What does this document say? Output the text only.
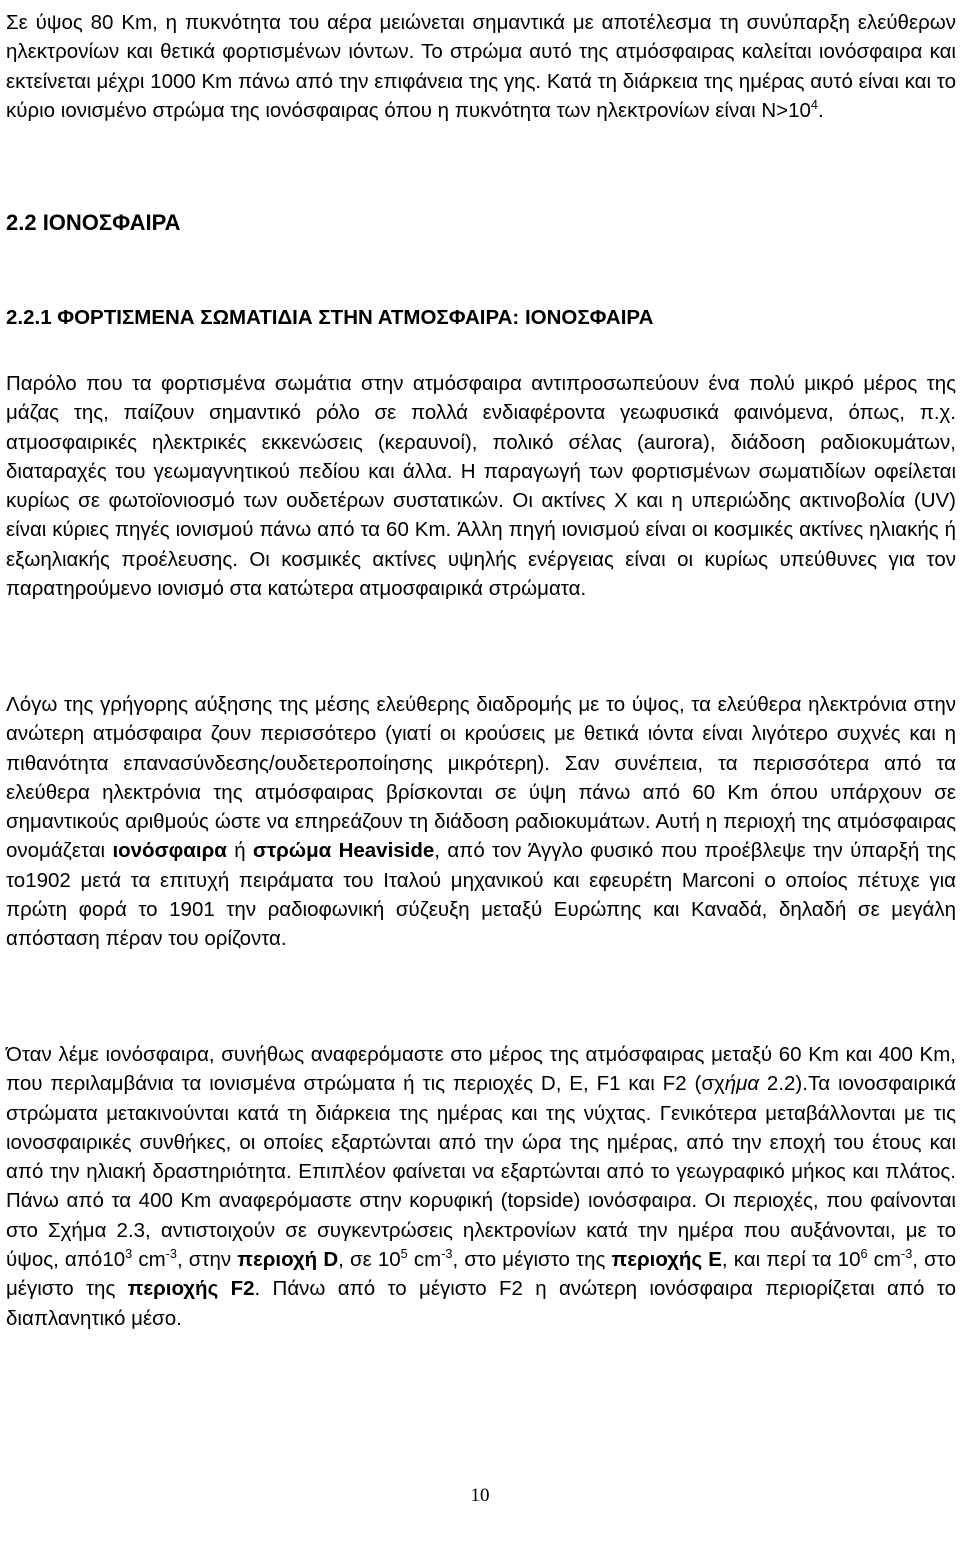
Σε ύψος 80 Km, η πυκνότητα του αέρα μειώνεται σημαντικά με αποτέλεσμα τη συνύπαρξη ελεύθερων ηλεκτρονίων και θετικά φορτισμένων ιόντων. Το στρώμα αυτό της ατμόσφαιρας καλείται ιονόσφαιρα και εκτείνεται μέχρι 1000 Km πάνω από την επιφάνεια της γης. Κατά τη διάρκεια της ημέρας αυτό είναι και το κύριο ιονισμένο στρώμα της ιονόσφαιρας όπου η πυκνότητα των ηλεκτρονίων είναι $N>10^4$.

2.2 ΙΟΝΟΣΦΑΙΡΑ
2.2.1 ΦΟΡΤΙΣΜΕΝΑ ΣΩΜΑΤΙΔΙΑ ΣΤΗΝ ΑΤΜΟΣΦΑΙΡΑ: ΙΟΝΟΣΦΑΙΡΑ

Παρόλο που τα φορτισμένα σωμάτια στην ατμόσφαιρα αντιπροσωπεύουν ένα πολύ μικρό μέρος της μάζας της, παίζουν σημαντικό ρόλο σε πολλά ενδιαφέροντα γεωφυσικά φαινόμενα, όπως, π.χ. ατμοσφαιρικές ηλεκτρικές εκκενώσεις (κεραυνοί), πολικό σέλας (aurora), διάδοση ραδιοκυμάτων, διαταραχές του γεωμαγνητικού πεδίου και άλλα. Η παραγωγή των φορτισμένων σωματιδίων οφείλεται κυρίως σε φωτοϊονιοσμό των ουδετέρων συστατικών. Οι ακτίνες X και η υπεριώδης ακτινοβολία (UV) είναι κύριες πηγές ιονισμού πάνω από τα 60 Km. Άλλη πηγή ιονισμού είναι οι κοσμικές ακτίνες ηλιακής ή εξωηλιακής προέλευσης. Οι κοσμικές ακτίνες υψηλής ενέργειας είναι οι κυρίως υπεύθυνες για τον παρατηρούμενο ιονισμό στα κατώτερα ατμοσφαιρικά στρώματα.

Λόγω της γρήγορης αύξησης της μέσης ελεύθερης διαδρομής με το ύψος, τα ελεύθερα ηλεκτρόνια στην ανώτερη ατμόσφαιρα ζουν περισσότερο (γιατί οι κρούσεις με θετικά ιόντα είναι λιγότερο συχνές και η πιθανότητα επανασύνδεσης/ουδετεροποίησης μικρότερη). Σαν συνέπεια, τα περισσότερα από τα ελεύθερα ηλεκτρόνια της ατμόσφαιρας βρίσκονται σε ύψη πάνω από 60 Km όπου υπάρχουν σε σημαντικούς αριθμούς ώστε να επηρεάζουν τη διάδοση ραδιοκυμάτων. Αυτή η περιοχή της ατμόσφαιρας ονομάζεται ιονόσφαιρα ή στρώμα Heaviside, από τον Άγγλο φυσικό που προέβλεψε την ύπαρξή της το1902 μετά τα επιτυχή πειράματα του Ιταλού μηχανικού και εφευρέτη Marconi ο οποίος πέτυχε για πρώτη φορά το 1901 την ραδιοφωνική σύζευξη μεταξύ Ευρώπης και Καναδά, δηλαδή σε μεγάλη απόσταση πέραν του ορίζοντα.

Όταν λέμε ιονόσφαιρα, συνήθως αναφερόμαστε στο μέρος της ατμόσφαιρας μεταξύ 60 Km και 400 Km, που περιλαμβάνια τα ιονισμένα στρώματα ή τις περιοχές D, E, F1 και F2 (σχήμα 2.2).Τα ιονοσφαιρικά στρώματα μετακινούνται κατά τη διάρκεια της ημέρας και της νύχτας. Γενικότερα μεταβάλλονται με τις ιονοσφαιρικές συνθήκες, οι οποίες εξαρτώνται από την ώρα της ημέρας, από την εποχή του έτους και από την ηλιακή δραστηριότητα. Επιπλέον φαίνεται να εξαρτώνται από το γεωγραφικό μήκος και πλάτος. Πάνω από τα 400 Km αναφερόμαστε στην κορυφική (topside) ιονόσφαιρα. Οι περιοχές, που φαίνονται στο Σχήμα 2.3, αντιστοιχούν σε συγκεντρώσεις ηλεκτρονίων κατά την ημέρα που αυξάνονται, με το ύψος, $\alpha\pi ό10^3$ $cm^{-3}$, στην περιοχή D, σε $10^5$ $cm^{-3}$, στο μέγιστο της περιοχής E, και περί τα $10^6$ $cm^{-3}$, στο μέγιστο της περιοχής F2. Πάνω από το μέγιστο F2 η ανώτερη ιονόσφαιρα περιορίζεται από το διαπλανητικό μέσο.

10
